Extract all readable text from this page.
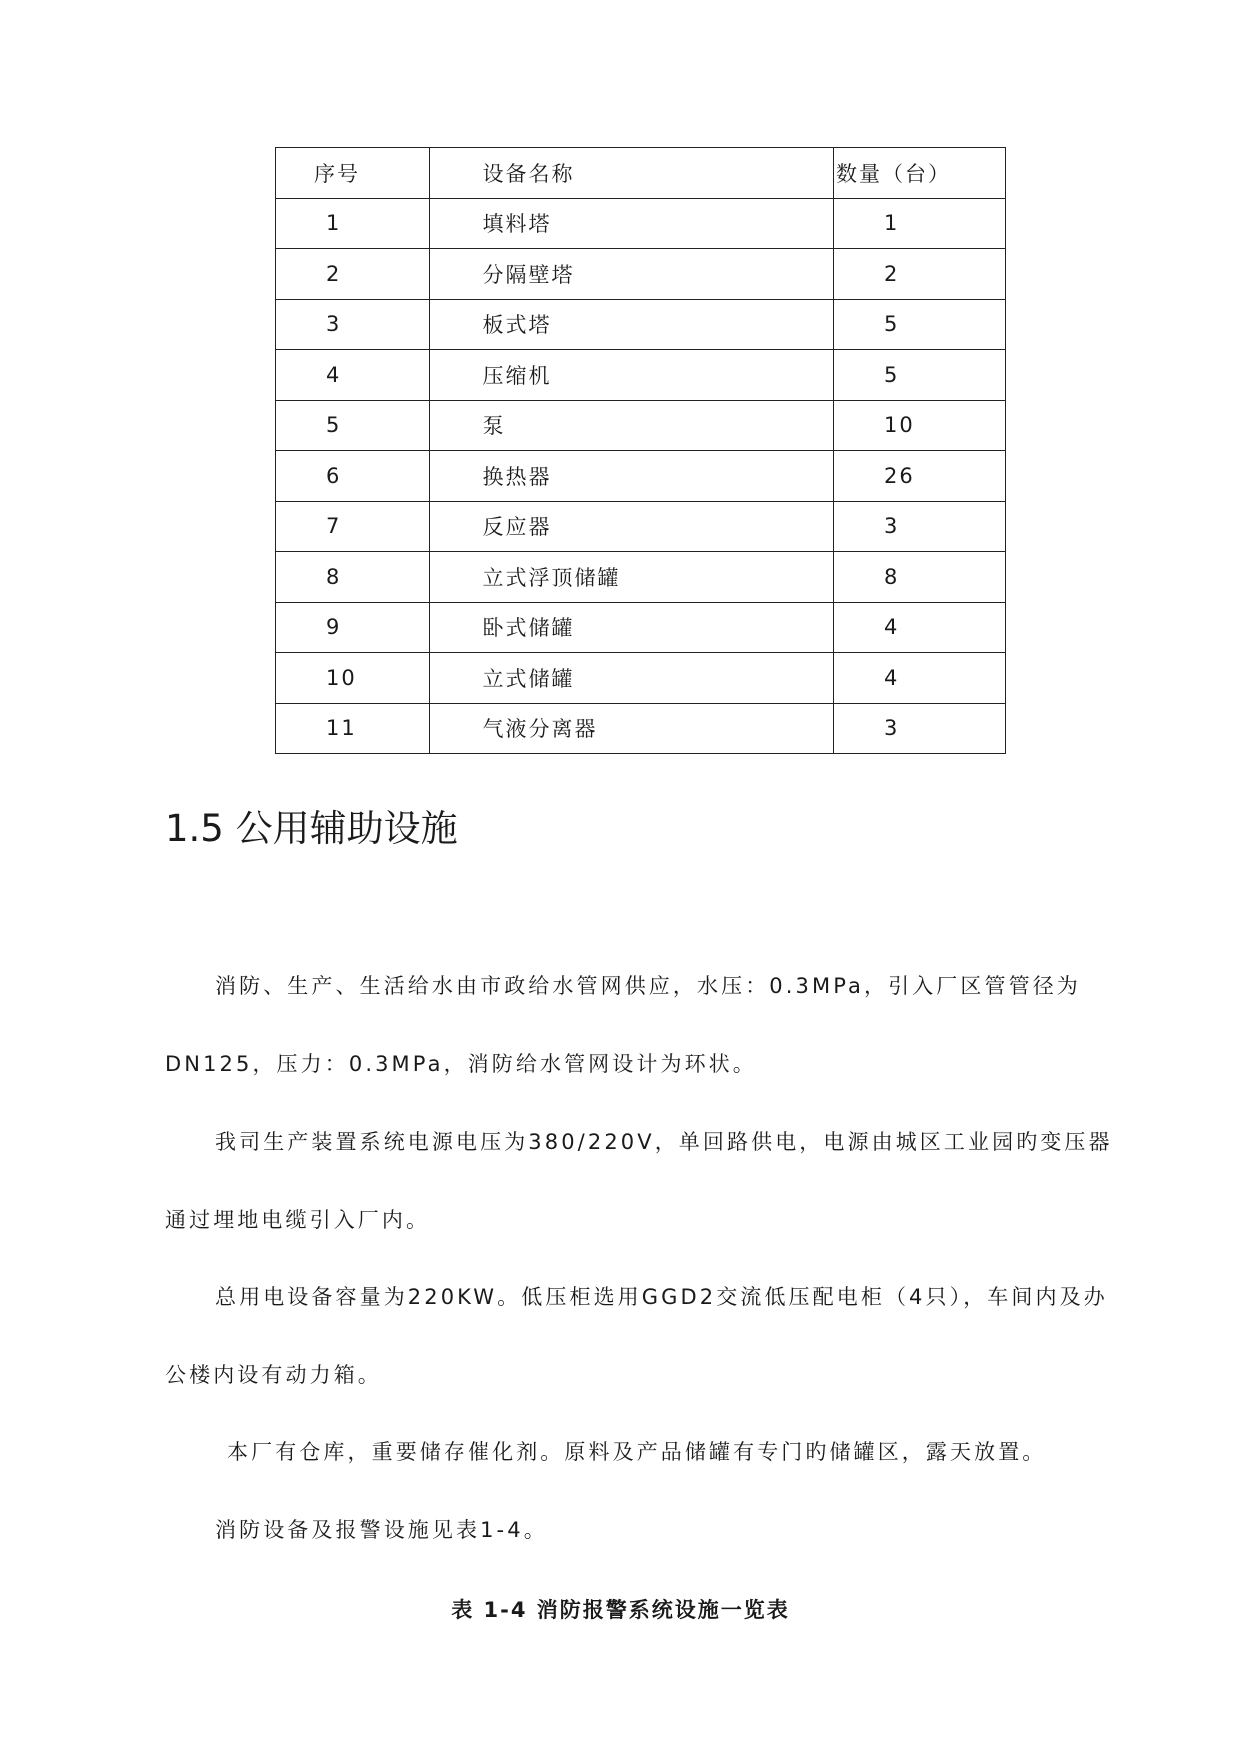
序号	设备名称	数量（台）
1	填料塔	1
2	分隔壁塔	2
3	板式塔	5
4	压缩机	5
5	泵	10
6	换热器	26
7	反应器	3
8	立式浮顶储罐	8
9	卧式储罐	4
10	立式储罐	4
11	气液分离器	3
1.5 公用辅助设施

消防、生产、生活给水由市政给水管网供应，水压：0.3MPa，引入厂区管管径为DN125，压力：0.3MPa，消防给水管网设计为环状。

我司生产装置系统电源电压为380/220V，单回路供电，电源由城区工业园旳变压器通过埋地电缆引入厂内。

总用电设备容量为220KW。低压柜选用GGD2交流低压配电柜（4只），车间内及办公楼内设有动力箱。

本厂有仓库，重要储存催化剂。原料及产品储罐有专门旳储罐区，露天放置。

消防设备及报警设施见表1-4。

表 1-4 消防报警系统设施一览表
